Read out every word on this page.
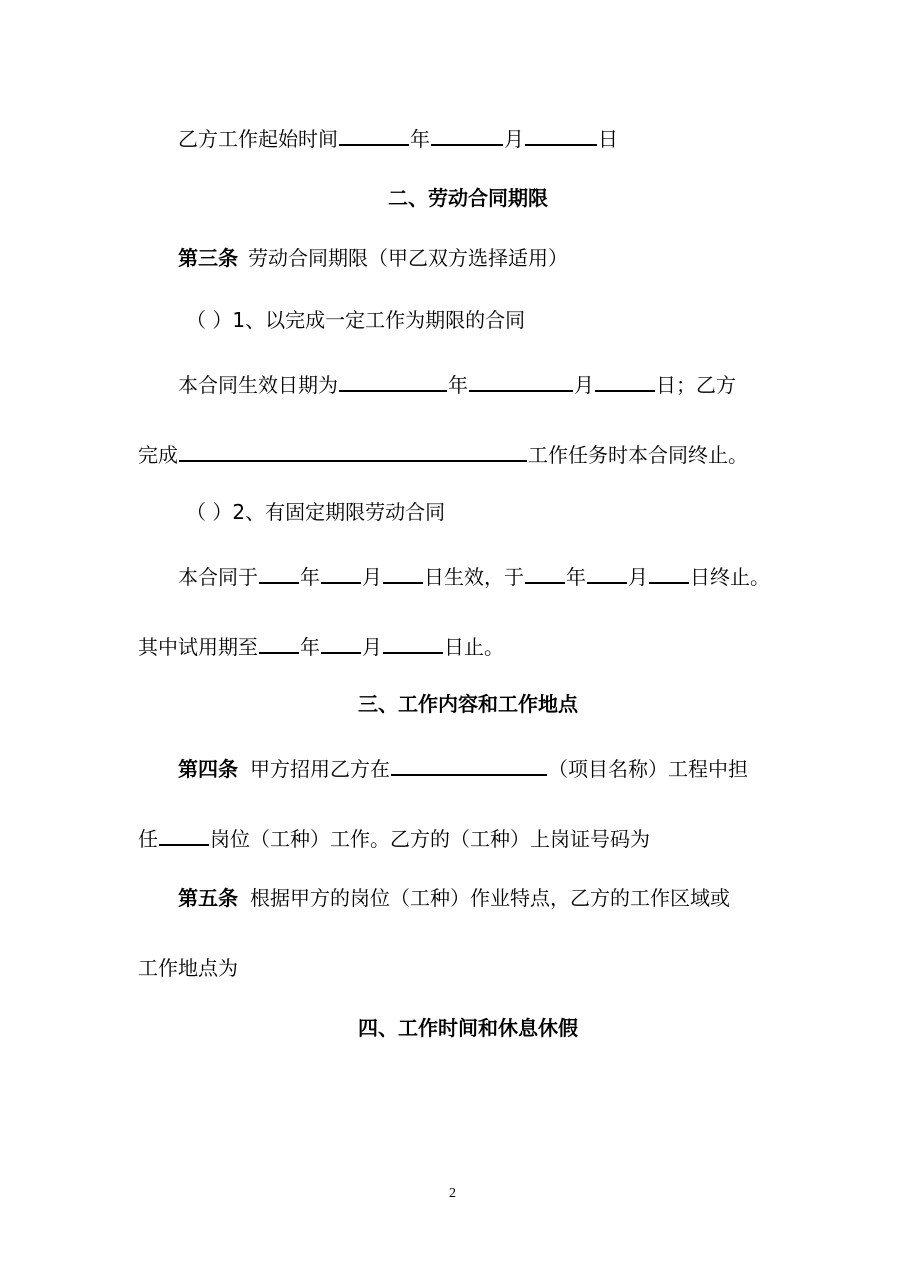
乙方工作起始时间	年	月	日
二、劳动合同期限
第三条 劳动合同期限（甲乙双方选择适用）
（ ）1、以完成一定工作为期限的合同
本合同生效日期为	年	月	日；乙方
完成	工作任务时本合同终止。
（ ）2、有固定期限劳动合同
本合同于 年 月 日生效，于 年 月 日终止。
其中试用期至 年 月	日止。
三、工作内容和工作地点
第四条 甲方招用乙方在	（项目名称）工程中担
任	岗位（工种）工作。乙方的（工种）上岗证号码为
第五条 根据甲方的岗位（工种）作业特点，乙方的工作区域或
工作地点为
四、工作时间和休息休假
2
